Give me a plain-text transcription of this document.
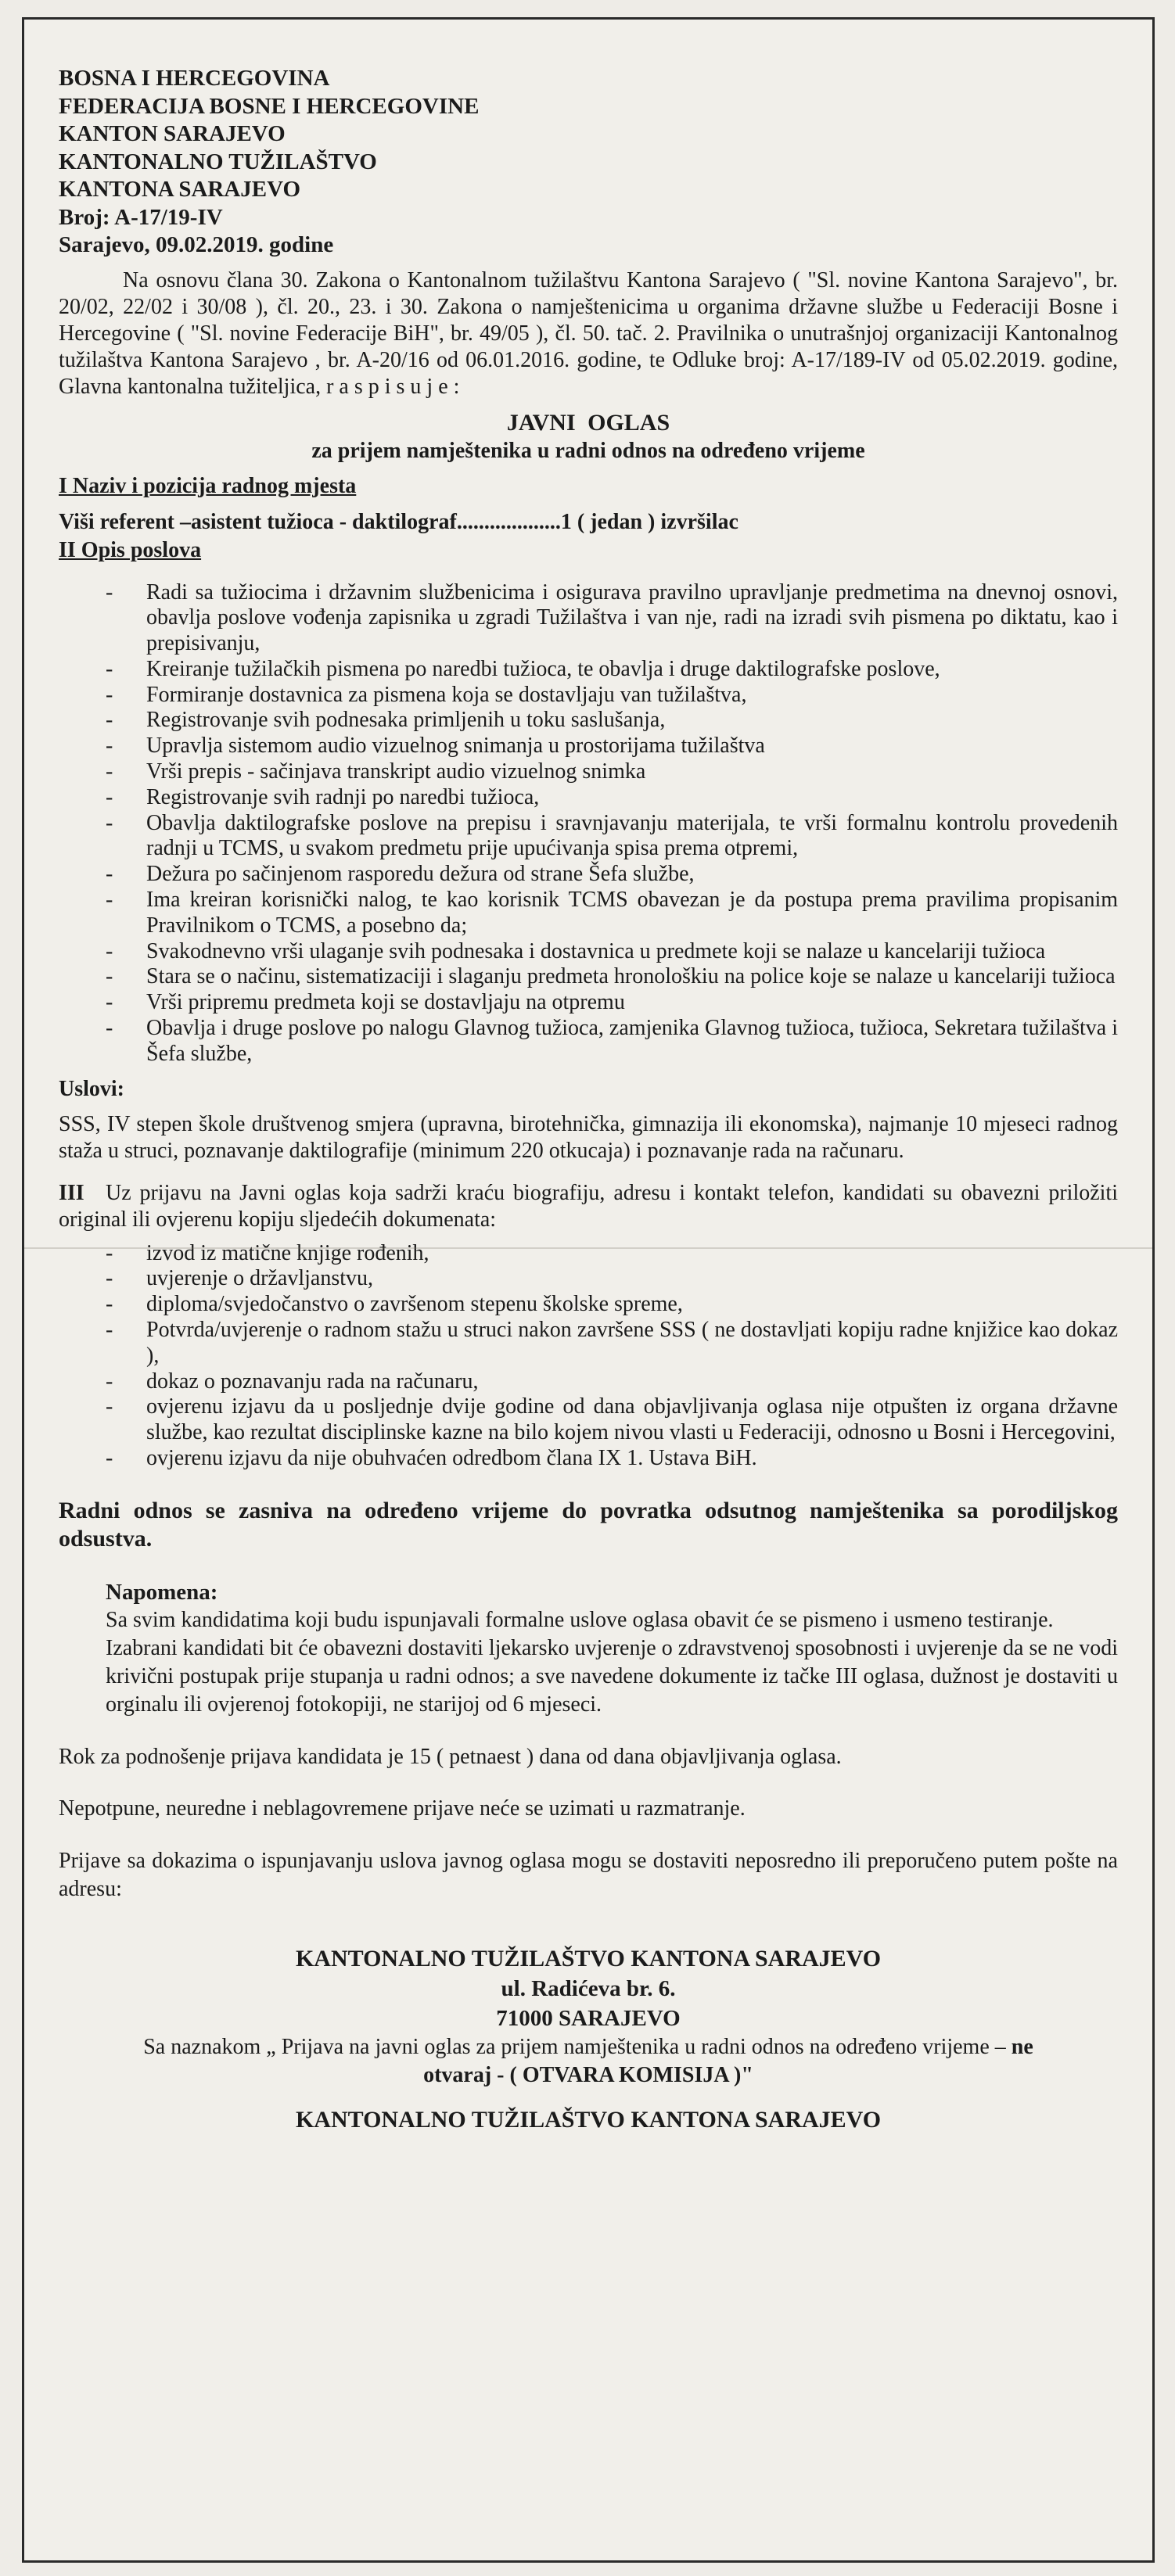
BOSNA I HERCEGOVINA
FEDERACIJA BOSNE I HERCEGOVINE
KANTON SARAJEVO
KANTONALNO TUŽILAŠTVO
KANTONA SARAJEVO
Broj: A-17/19-IV
Sarajevo, 09.02.2019. godine

Na osnovu člana 30. Zakona o Kantonalnom tužilaštvu Kantona Sarajevo ( "Sl. novine Kantona Sarajevo", br. 20/02, 22/02 i 30/08 ), čl. 20., 23. i 30. Zakona o namještenicima u organima državne službe u Federaciji Bosne i Hercegovine ( "Sl. novine Federacije BiH", br. 49/05 ), čl. 50. tač. 2. Pravilnika o unutrašnjoj organizaciji Kantonalnog tužilaštva Kantona Sarajevo , br. A-20/16 od 06.01.2016. godine, te Odluke broj: A-17/189-IV od 05.02.2019. godine, Glavna kantonalna tužiteljica, r a s p i s u j e :

JAVNI OGLAS
za prijem namještenika u radni odnos na određeno vrijeme
I Naziv i pozicija radnog mjesta
Viši referent –asistent tužioca - daktilograf...................1 ( jedan ) izvršilac
II Opis poslova
- Radi sa tužiocima i državnim službenicima i osigurava pravilno upravljanje predmetima na dnevnoj osnovi, obavlja poslove vođenja zapisnika u zgradi Tužilaštva i van nje, radi na izradi svih pismena po diktatu, kao i prepisivanju,
- Kreiranje tužilačkih pismena po naredbi tužioca, te obavlja i druge daktilografske poslove,
- Formiranje dostavnica za pismena koja se dostavljaju van tužilaštva,
- Registrovanje svih podnesaka primljenih u toku saslušanja,
- Upravlja sistemom audio vizuelnog snimanja u prostorijama tužilaštva
- Vrši prepis - sačinjava transkript audio vizuelnog snimka
- Registrovanje svih radnji po naredbi tužioca,
- Obavlja daktilografske poslove na prepisu i sravnjavanju materijala, te vrši formalnu kontrolu provedenih radnji u TCMS, u svakom predmetu prije upućivanja spisa prema otpremi,
- Dežura po sačinjenom rasporedu dežura od strane Šefa službe,
- Ima kreiran korisnički nalog, te kao korisnik TCMS obavezan je da postupa prema pravilima propisanim Pravilnikom o TCMS, a posebno da;
- Svakodnevno vrši ulaganje svih podnesaka i dostavnica u predmete koji se nalaze u kancelariji tužioca
- Stara se o načinu, sistematizaciji i slaganju predmeta hronološkiu na police koje se nalaze u kancelariji tužioca
- Vrši pripremu predmeta koji se dostavljaju na otpremu
- Obavlja i druge poslove po nalogu Glavnog tužioca, zamjenika Glavnog tužioca, tužioca, Sekretara tužilaštva i Šefa službe,
Uslovi:

SSS, IV stepen škole društvenog smjera (upravna, birotehnička, gimnazija ili ekonomska), najmanje 10 mjeseci radnog staža u struci, poznavanje daktilografije (minimum 220 otkucaja) i poznavanje rada na računaru.

III Uz prijavu na Javni oglas koja sadrži kraću biografiju, adresu i kontakt telefon, kandidati su obavezni priložiti original ili ovjerenu kopiju sljedećih dokumenata:

- izvod iz matične knjige rođenih,
- uvjerenje o državljanstvu,
- diploma/svjedočanstvo o završenom stepenu školske spreme,
- Potvrda/uvjerenje o radnom stažu u struci nakon završene SSS ( ne dostavljati kopiju radne knjižice kao dokaz ),
- dokaz o poznavanju rada na računaru,
- ovjerenu izjavu da u posljednje dvije godine od dana objavljivanja oglasa nije otpušten iz organa državne službe, kao rezultat disciplinske kazne na bilo kojem nivou vlasti u Federaciji, odnosno u Bosni i Hercegovini,
- ovjerenu izjavu da nije obuhvaćen odredbom člana IX 1. Ustava BiH.

Radni odnos se zasniva na određeno vrijeme do povratka odsutnog namještenika sa porodiljskog odsustva.

Napomena:

Sa svim kandidatima koji budu ispunjavali formalne uslove oglasa obavit će se pismeno i usmeno testiranje.

Izabrani kandidati bit će obavezni dostaviti ljekarsko uvjerenje o zdravstvenoj sposobnosti i uvjerenje da se ne vodi krivični postupak prije stupanja u radni odnos; a sve navedene dokumente iz tačke III oglasa, dužnost je dostaviti u orginalu ili ovjerenoj fotokopiji, ne starijoj od 6 mjeseci.

Rok za podnošenje prijava kandidata je 15 ( petnaest ) dana od dana objavljivanja oglasa.

Nepotpune, neuredne i neblagovremene prijave neće se uzimati u razmatranje.

Prijave sa dokazima o ispunjavanju uslova javnog oglasa mogu se dostaviti neposredno ili preporučeno putem pošte na adresu:

KANTONALNO TUŽILAŠTVO KANTONA SARAJEVO
ul. Radićeva br. 6.
71000 SARAJEVO
Sa naznakom „ Prijava na javni oglas za prijem namještenika u radni odnos na određeno vrijeme – ne
otvaraj - ( OTVARA KOMISIJA )"
KANTONALNO TUŽILAŠTVO KANTONA SARAJEVO
